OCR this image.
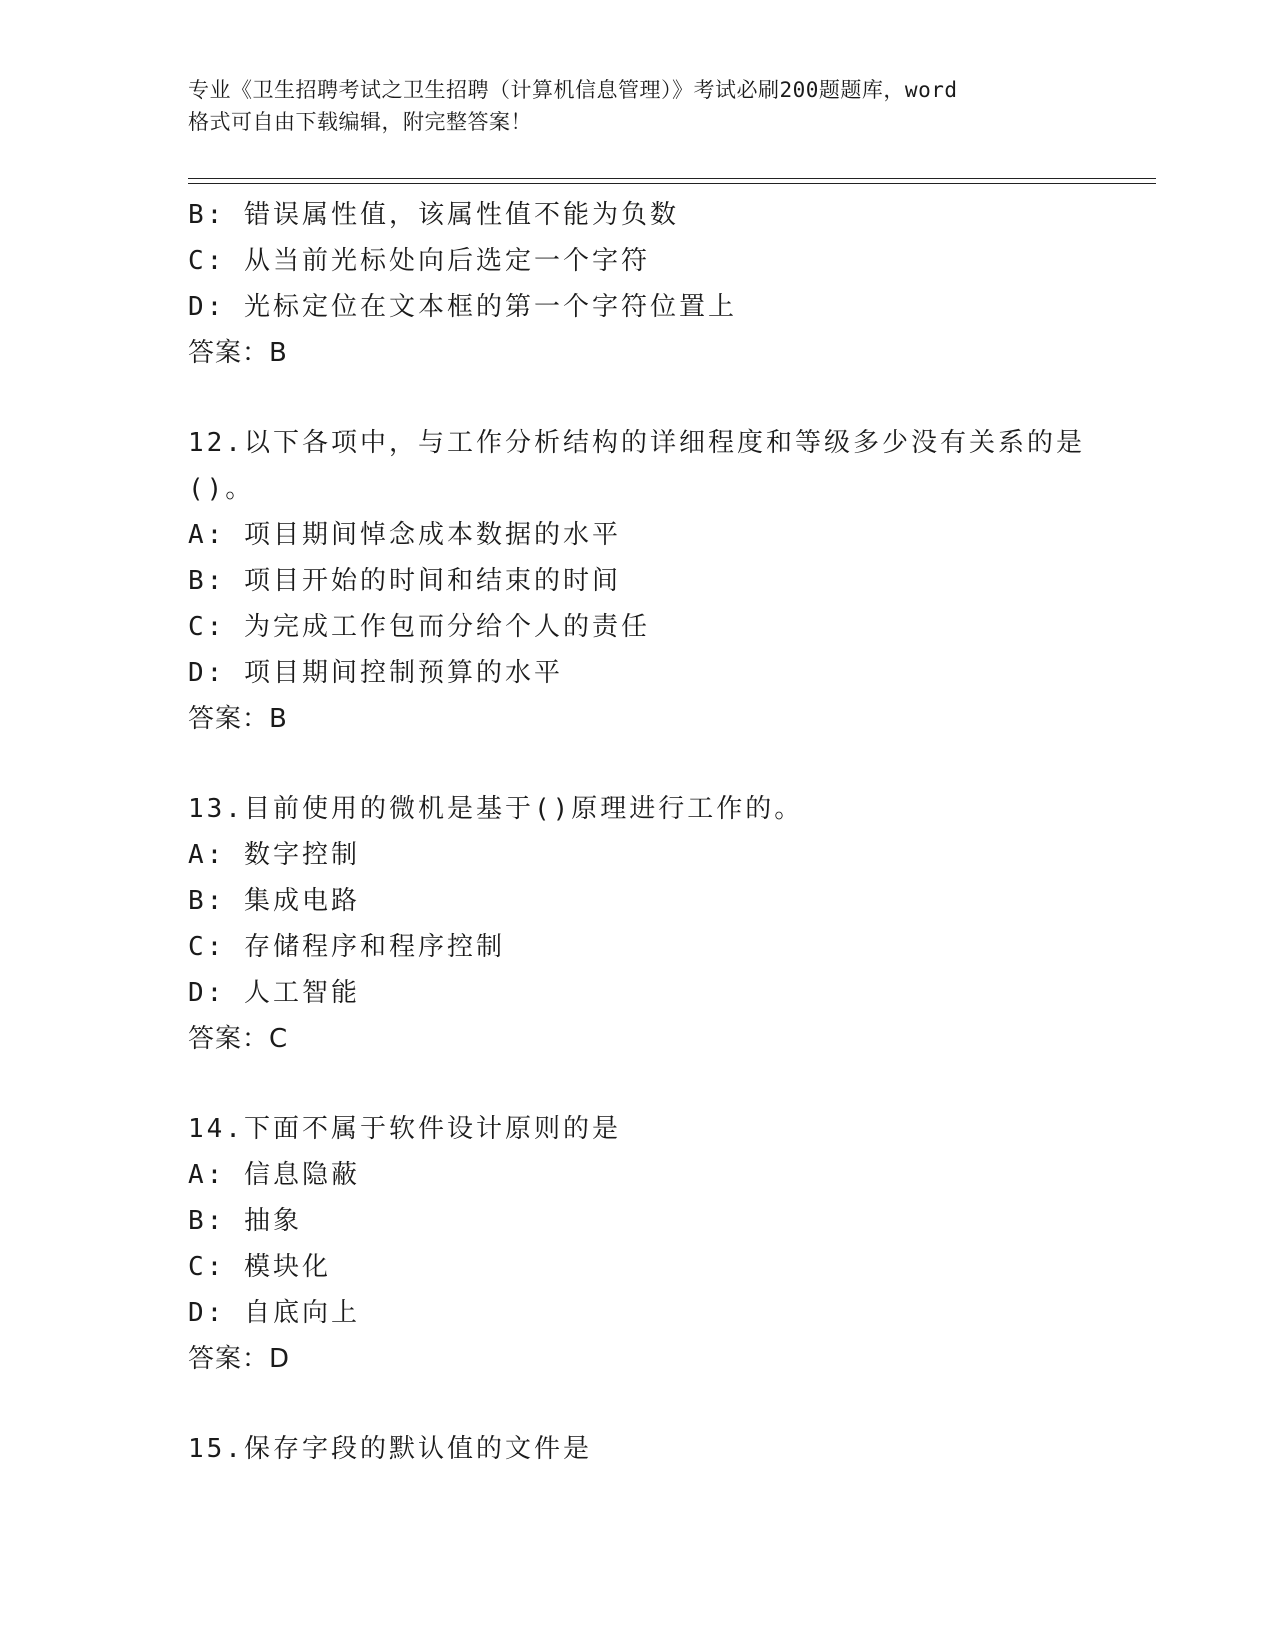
专业《卫生招聘考试之卫生招聘（计算机信息管理）》考试必刷200题题库，word
格式可自由下载编辑，附完整答案！
B: 错误属性值，该属性值不能为负数
C: 从当前光标处向后选定一个字符
D: 光标定位在文本框的第一个字符位置上
答案：B
12.以下各项中，与工作分析结构的详细程度和等级多少没有关系的是
()。
A: 项目期间悼念成本数据的水平
B: 项目开始的时间和结束的时间
C: 为完成工作包而分给个人的责任
D: 项目期间控制预算的水平
答案：B
13.目前使用的微机是基于()原理进行工作的。
A: 数字控制
B: 集成电路
C: 存储程序和程序控制
D: 人工智能
答案：C
14.下面不属于软件设计原则的是
A: 信息隐蔽
B: 抽象
C: 模块化
D: 自底向上
答案：D
15.保存字段的默认值的文件是
